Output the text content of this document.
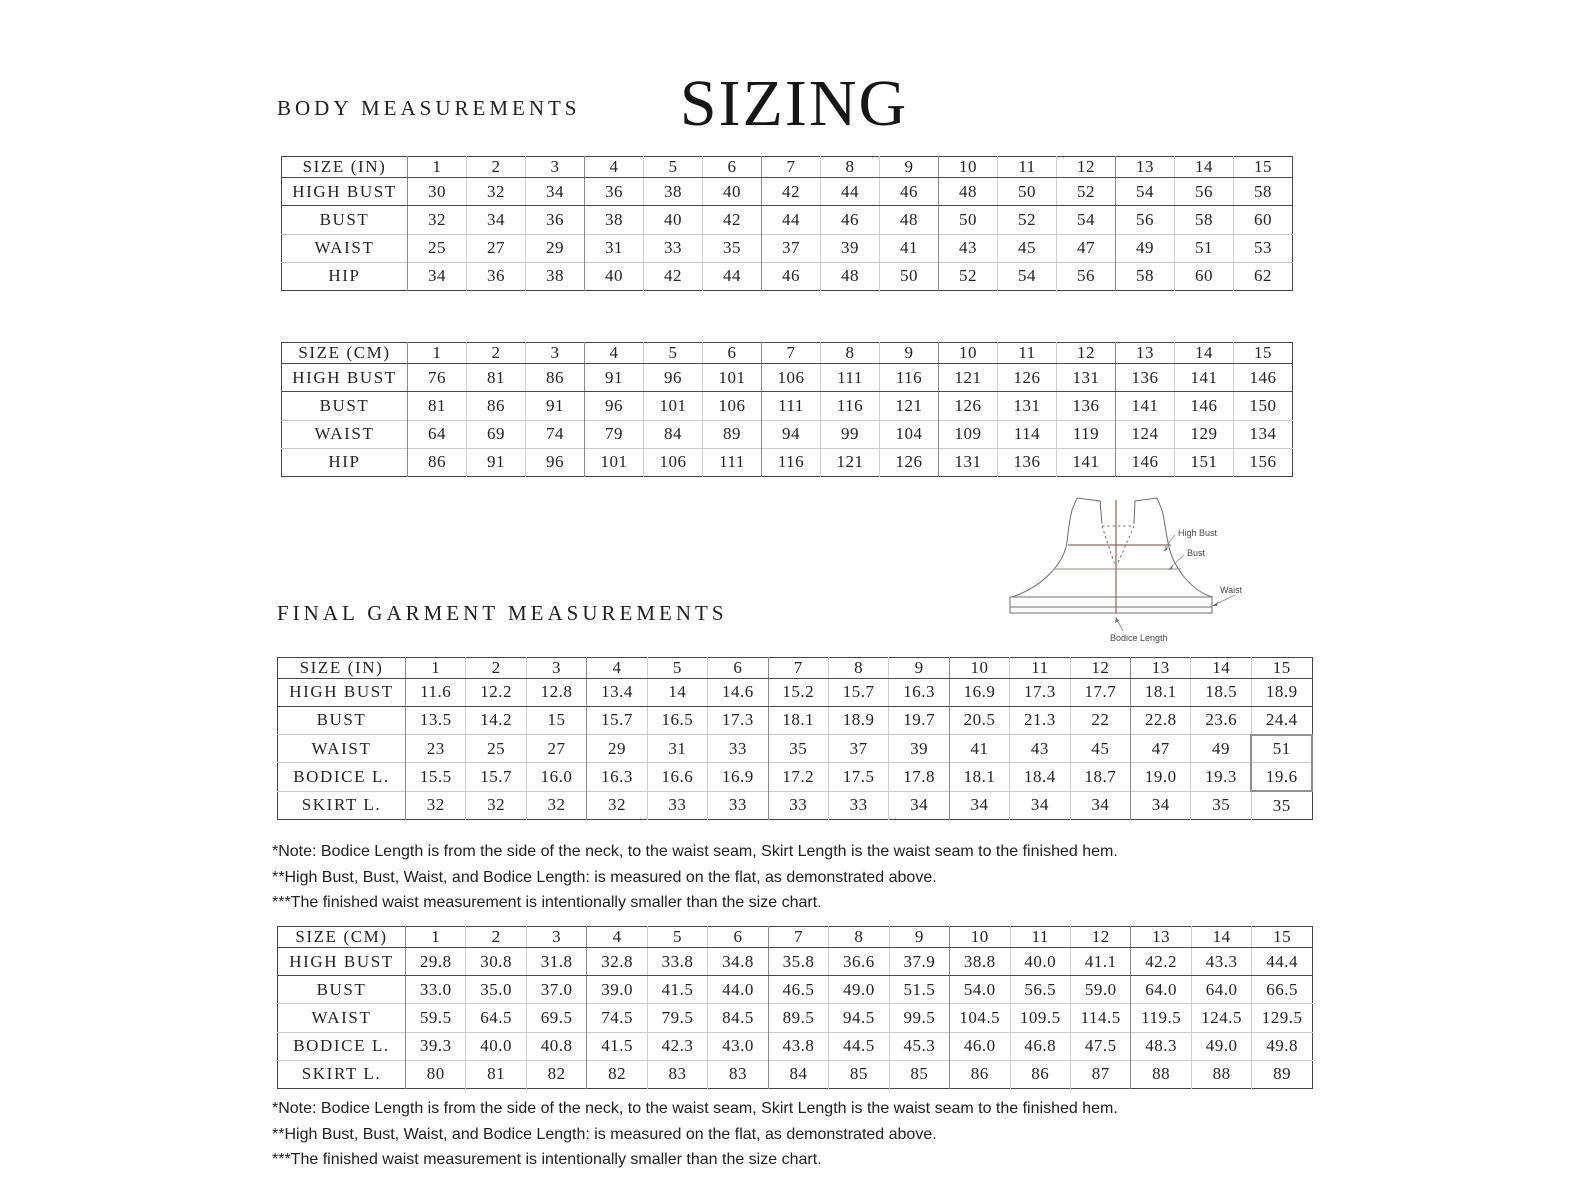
SIZING
BODY MEASUREMENTS
SIZE (IN)	1	2	3	4	5	6	7	8	9	10	11	12	13	14	15
HIGH BUST	30	32	34	36	38	40	42	44	46	48	50	52	54	56	58
BUST	32	34	36	38	40	42	44	46	48	50	52	54	56	58	60
WAIST	25	27	29	31	33	35	37	39	41	43	45	47	49	51	53
HIP	34	36	38	40	42	44	46	48	50	52	54	56	58	60	62
SIZE (CM)	1	2	3	4	5	6	7	8	9	10	11	12	13	14	15
HIGH BUST	76	81	86	91	96	101	106	111	116	121	126	131	136	141	146
BUST	81	86	91	96	101	106	111	116	121	126	131	136	141	146	150
WAIST	64	69	74	79	84	89	94	99	104	109	114	119	124	129	134
HIP	86	91	96	101	106	111	116	121	126	131	136	141	146	151	156
High Bust
Bust
Waist
Bodice Length
FINAL GARMENT MEASUREMENTS
SIZE (IN)	1	2	3	4	5	6	7	8	9	10	11	12	13	14	15
HIGH BUST	11.6	12.2	12.8	13.4	14	14.6	15.2	15.7	16.3	16.9	17.3	17.7	18.1	18.5	18.9
BUST	13.5	14.2	15	15.7	16.5	17.3	18.1	18.9	19.7	20.5	21.3	22	22.8	23.6	24.4
WAIST	23	25	27	29	31	33	35	37	39	41	43	45	47	49	51
BODICE L.	15.5	15.7	16.0	16.3	16.6	16.9	17.2	17.5	17.8	18.1	18.4	18.7	19.0	19.3	19.6
SKIRT L.	32	32	32	32	33	33	33	33	34	34	34	34	34	35	35
*Note: Bodice Length is from the side of the neck, to the waist seam, Skirt Length is the waist seam to the finished hem.
**High Bust, Bust, Waist, and Bodice Length: is measured on the flat, as demonstrated above.
***The finished waist measurement is intentionally smaller than the size chart.
SIZE (CM)	1	2	3	4	5	6	7	8	9	10	11	12	13	14	15
HIGH BUST	29.8	30.8	31.8	32.8	33.8	34.8	35.8	36.6	37.9	38.8	40.0	41.1	42.2	43.3	44.4
BUST	33.0	35.0	37.0	39.0	41.5	44.0	46.5	49.0	51.5	54.0	56.5	59.0	64.0	64.0	66.5
WAIST	59.5	64.5	69.5	74.5	79.5	84.5	89.5	94.5	99.5	104.5	109.5	114.5	119.5	124.5	129.5
BODICE L.	39.3	40.0	40.8	41.5	42.3	43.0	43.8	44.5	45.3	46.0	46.8	47.5	48.3	49.0	49.8
SKIRT L.	80	81	82	82	83	83	84	85	85	86	86	87	88	88	89
*Note: Bodice Length is from the side of the neck, to the waist seam, Skirt Length is the waist seam to the finished hem.
**High Bust, Bust, Waist, and Bodice Length: is measured on the flat, as demonstrated above.
***The finished waist measurement is intentionally smaller than the size chart.
